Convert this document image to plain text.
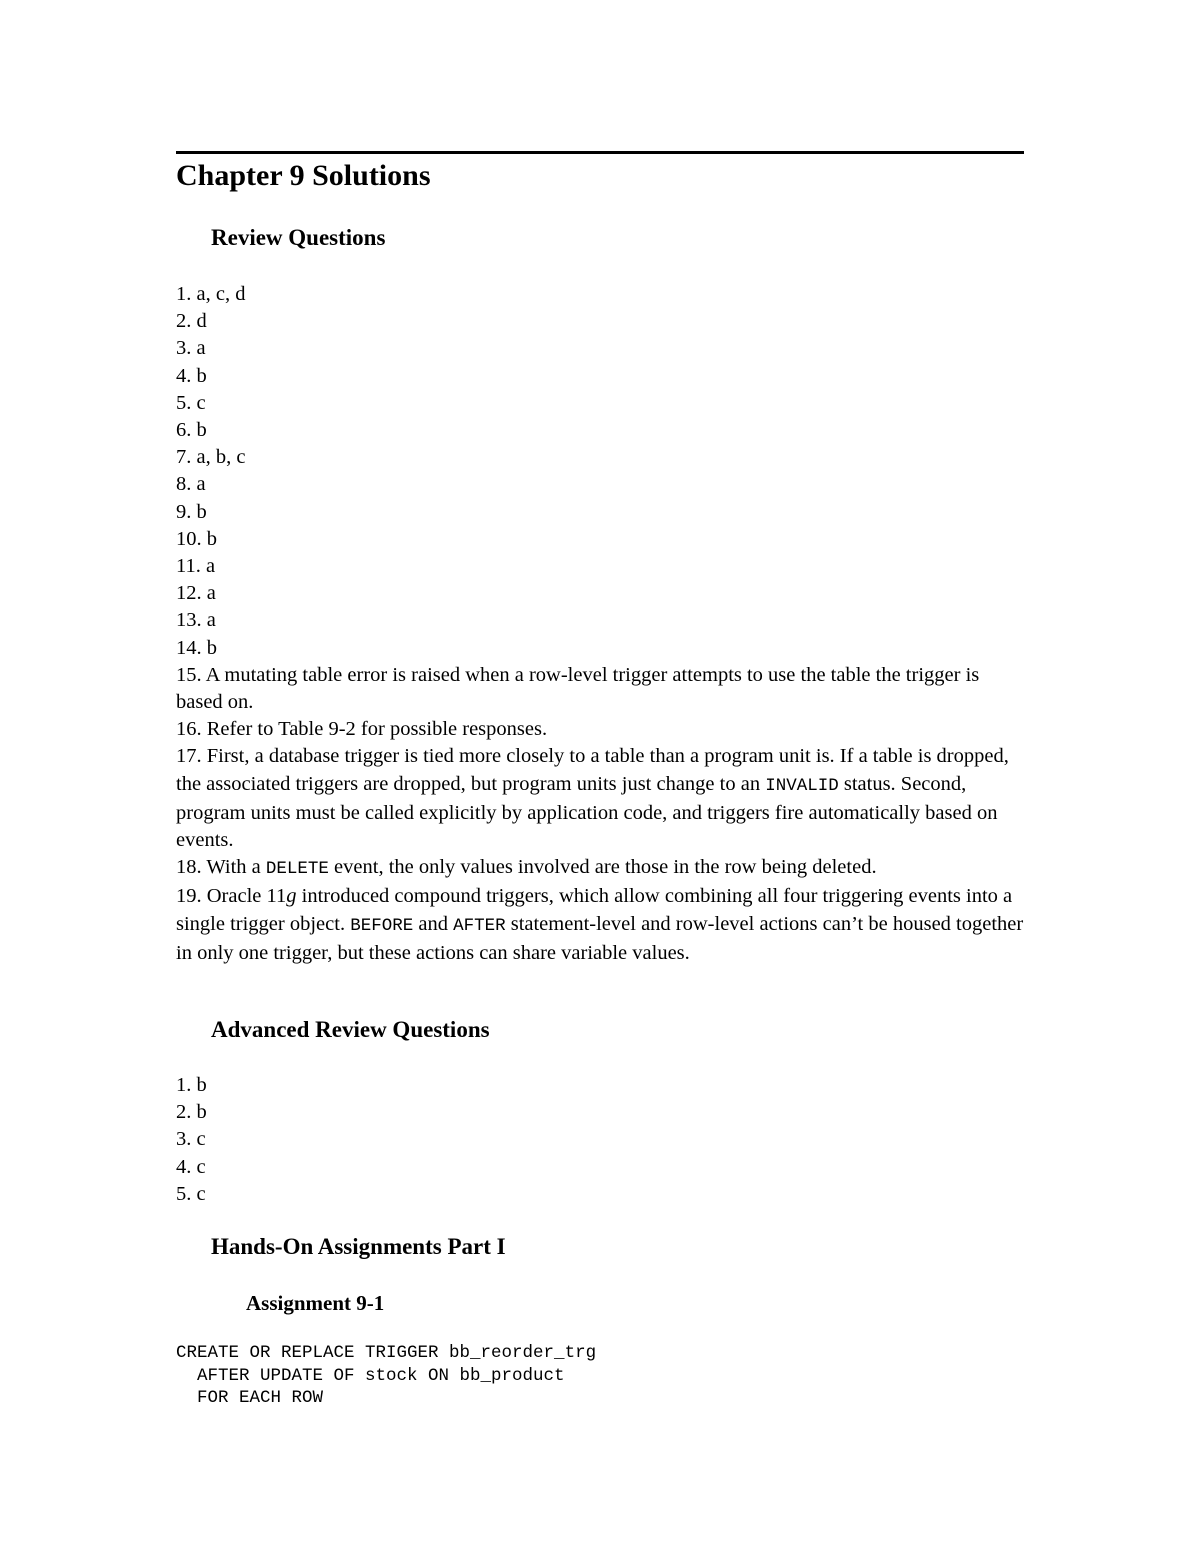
Chapter 9 Solutions
Review Questions
1. a, c, d
2. d
3. a
4. b
5. c
6. b
7. a, b, c
8. a
9. b
10. b
11. a
12. a
13. a
14. b
15. A mutating table error is raised when a row-level trigger attempts to use the table the trigger is based on.
16. Refer to Table 9-2 for possible responses.
17. First, a database trigger is tied more closely to a table than a program unit is. If a table is dropped, the associated triggers are dropped, but program units just change to an INVALID status. Second, program units must be called explicitly by application code, and triggers fire automatically based on events.
18. With a DELETE event, the only values involved are those in the row being deleted.
19. Oracle 11g introduced compound triggers, which allow combining all four triggering events into a single trigger object. BEFORE and AFTER statement-level and row-level actions can’t be housed together in only one trigger, but these actions can share variable values.
Advanced Review Questions
1. b
2. b
3. c
4. c
5. c
Hands-On Assignments Part I
Assignment 9-1
CREATE OR REPLACE TRIGGER bb_reorder_trg
AFTER UPDATE OF stock ON bb_product
FOR EACH ROW
